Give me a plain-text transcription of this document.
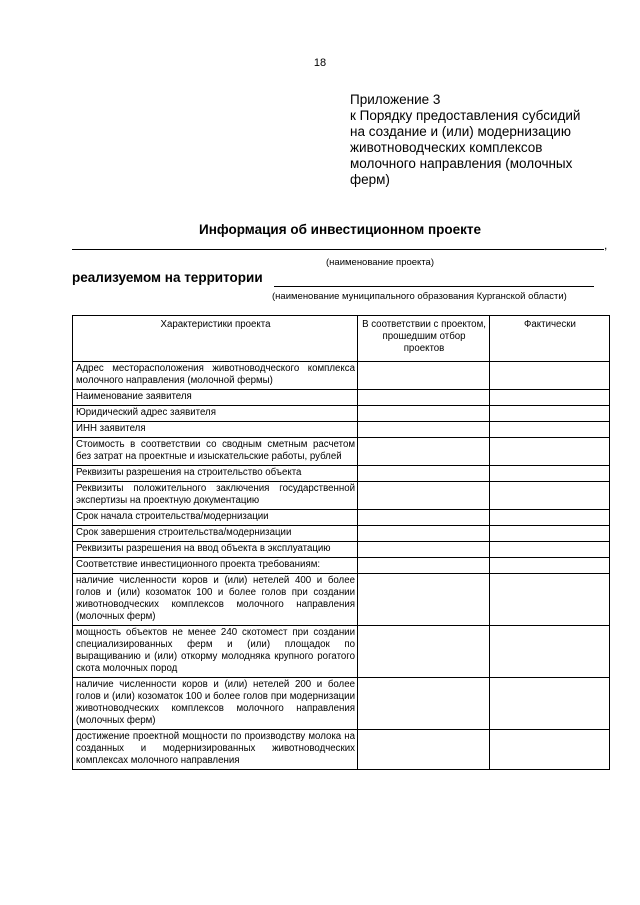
18
Приложение 3
к Порядку предоставления субсидий
на создание и (или) модернизацию
животноводческих комплексов
молочного направления (молочных
ферм)
Информация об инвестиционном проекте
,
(наименование проекта)
реализуемом на территории
(наименование муниципального образования Курганской области)
Характеристики проекта	В соответствии с проектом, прошедшим отбор проектов	Фактически
Адрес месторасположения животноводческого комплекса молочного направления (молочной фермы)		
Наименование заявителя		
Юридический адрес заявителя		
ИНН заявителя		
Стоимость в соответствии со сводным сметным расчетом без затрат на проектные и изыскательские работы, рублей		
Реквизиты разрешения на строительство объекта		
Реквизиты положительного заключения государственной экспертизы на проектную документацию		
Срок начала строительства/модернизации		
Срок завершения строительства/модернизации		
Реквизиты разрешения на ввод объекта в эксплуатацию		
Соответствие инвестиционного проекта требованиям:		
наличие численности коров и (или) нетелей 400 и более голов и (или) козоматок 100 и более голов при создании животноводческих комплексов молочного направления (молочных ферм)		
мощность объектов не менее 240 скотомест при создании специализированных ферм и (или) площадок по выращиванию и (или) откорму молодняка крупного рогатого скота молочных пород		
наличие численности коров и (или) нетелей 200 и более голов и (или) козоматок 100 и более голов при модернизации животноводческих комплексов молочного направления (молочных ферм)		
достижение проектной мощности по производству молока на созданных и модернизированных животноводческих комплексах молочного направления		
